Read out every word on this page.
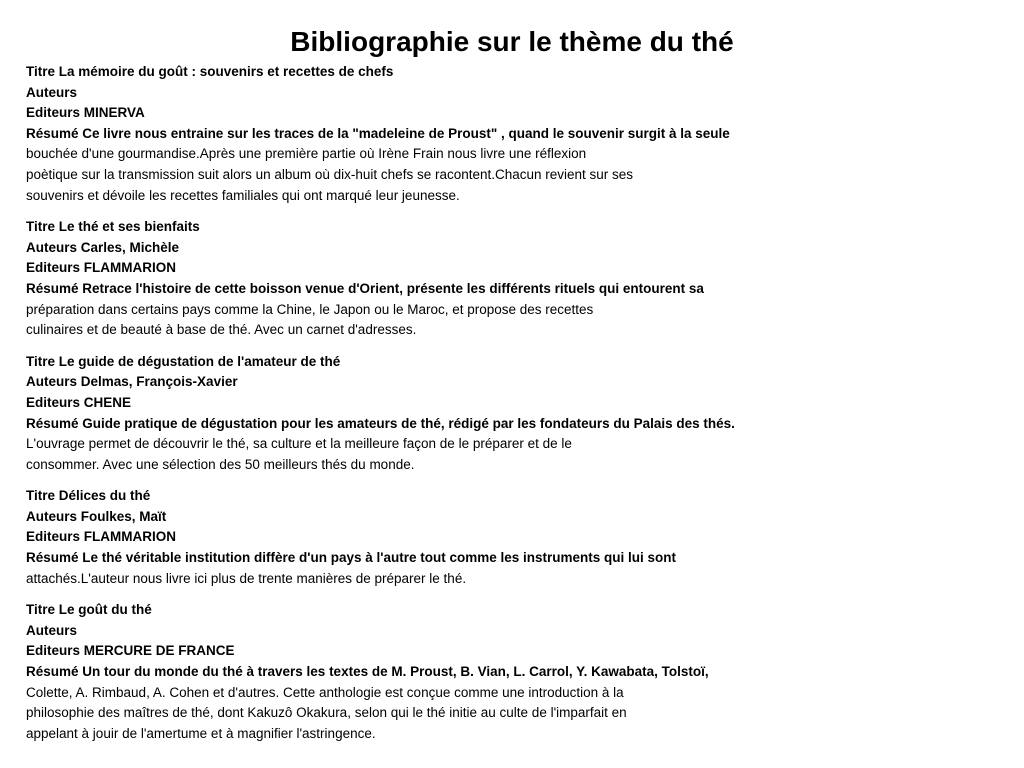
Bibliographie sur le thème du thé
Titre La mémoire du goût : souvenirs et recettes de chefs
Auteurs
Editeurs MINERVA
Résumé Ce livre nous entraine sur les traces de la "madeleine de Proust" , quand le souvenir surgit à la seule
bouchée d'une gourmandise.Après une première partie où Irène Frain nous livre une réflexion
poètique sur la transmission suit alors un album où dix-huit chefs se racontent.Chacun revient sur ses
souvenirs et dévoile les recettes familiales qui ont marqué leur jeunesse.
Titre Le thé et ses bienfaits
Auteurs Carles, Michèle
Editeurs FLAMMARION
Résumé Retrace l'histoire de cette boisson venue d'Orient, présente les différents rituels qui entourent sa
préparation dans certains pays comme la Chine, le Japon ou le Maroc, et propose des recettes
culinaires et de beauté à base de thé. Avec un carnet d'adresses.
Titre Le guide de dégustation de l'amateur de thé
Auteurs Delmas, François-Xavier
Editeurs CHENE
Résumé Guide pratique de dégustation pour les amateurs de thé, rédigé par les fondateurs du Palais des thés.
L'ouvrage permet de découvrir le thé, sa culture et la meilleure façon de le préparer et de le
consommer. Avec une sélection des 50 meilleurs thés du monde.
Titre Délices du thé
Auteurs Foulkes, Maït
Editeurs FLAMMARION
Résumé Le thé véritable institution diffère d'un pays à l'autre tout comme les instruments qui lui sont
attachés.L'auteur nous livre ici plus de trente manières de préparer le thé.
Titre Le goût du thé
Auteurs
Editeurs MERCURE DE FRANCE
Résumé Un tour du monde du thé à travers les textes de M. Proust, B. Vian, L. Carrol, Y. Kawabata, Tolstoï,
Colette, A. Rimbaud, A. Cohen et d'autres. Cette anthologie est conçue comme une introduction à la
philosophie des maîtres de thé, dont Kakuzô Okakura, selon qui le thé initie au culte de l'imparfait en
appelant à jouir de l'amertume et à magnifier l'astringence.
